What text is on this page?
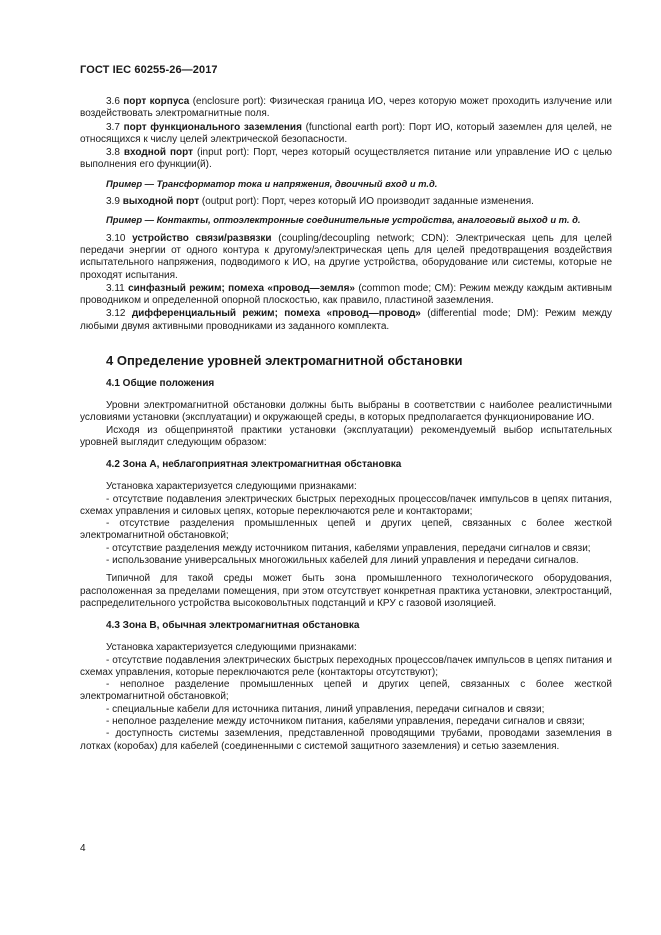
ГОСТ IEC 60255-26—2017

3.6 порт корпуса (enclosure port): Физическая граница ИО, через которую может проходить излучение или воздействовать электромагнитные поля.

3.7 порт функционального заземления (functional earth port): Порт ИО, который заземлен для целей, не относящихся к числу целей электрической безопасности.

3.8 входной порт (input port): Порт, через который осуществляется питание или управление ИО с целью выполнения его функции(й).

Пример — Трансформатор тока и напряжения, двоичный вход и т.д.

3.9 выходной порт (output port): Порт, через который ИО производит заданные изменения.

Пример — Контакты, оптоэлектронные соединительные устройства, аналоговый выход и т. д.

3.10 устройство связи/развязки (coupling/decoupling network; CDN): Электрическая цепь для целей передачи энергии от одного контура к другому/электрическая цепь для целей предотвращения воздействия испытательного напряжения, подводимого к ИО, на другие устройства, оборудование или системы, которые не проходят испытания.

3.11 синфазный режим; помеха «провод—земля» (common mode; CM): Режим между каждым активным проводником и определенной опорной плоскостью, как правило, пластиной заземления.

3.12 дифференциальный режим; помеха «провод—провод» (differential mode; DM): Режим между любыми двумя активными проводниками из заданного комплекта.

4 Определение уровней электромагнитной обстановки
4.1 Общие положения

Уровни электромагнитной обстановки должны быть выбраны в соответствии с наиболее реалистичными условиями установки (эксплуатации) и окружающей среды, в которых предполагается функционирование ИО.

Исходя из общепринятой практики установки (эксплуатации) рекомендуемый выбор испытательных уровней выглядит следующим образом:

4.2 Зона А, неблагоприятная электромагнитная обстановка

Установка характеризуется следующими признаками:

- отсутствие подавления электрических быстрых переходных процессов/пачек импульсов в цепях питания, схемах управления и силовых цепях, которые переключаются реле и контакторами;
- отсутствие разделения промышленных цепей и других цепей, связанных с более жесткой электромагнитной обстановкой;
- отсутствие разделения между источником питания, кабелями управления, передачи сигналов и связи;
- использование универсальных многожильных кабелей для линий управления и передачи сигналов.

Типичной для такой среды может быть зона промышленного технологического оборудования, расположенная за пределами помещения, при этом отсутствует конкретная практика установки, электростанций, распределительного устройства высоковольтных подстанций и КРУ с газовой изоляцией.

4.3 Зона В, обычная электромагнитная обстановка

Установка характеризуется следующими признаками:

- отсутствие подавления электрических быстрых переходных процессов/пачек импульсов в цепях питания и схемах управления, которые переключаются реле (контакторы отсутствуют);
- неполное разделение промышленных цепей и других цепей, связанных с более жесткой электромагнитной обстановкой;
- специальные кабели для источника питания, линий управления, передачи сигналов и связи;
- неполное разделение между источником питания, кабелями управления, передачи сигналов и связи;
- доступность системы заземления, представленной проводящими трубами, проводами заземления в лотках (коробах) для кабелей (соединенными с системой защитного заземления) и сетью заземления.
4
